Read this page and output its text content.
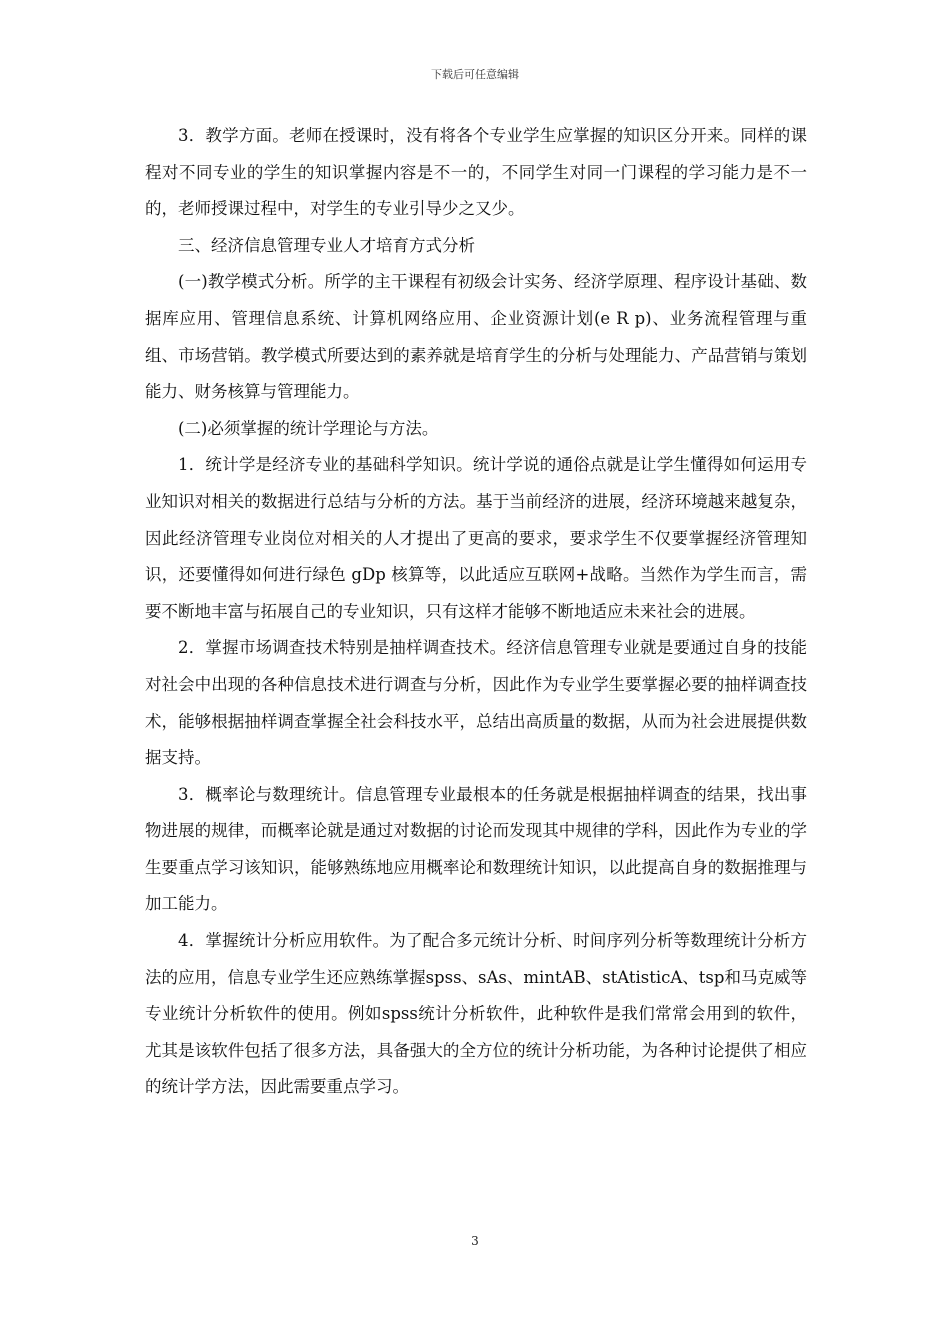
下载后可任意编辑

3．教学方面。老师在授课时，没有将各个专业学生应掌握的知识区分开来。同样的课程对不同专业的学生的知识掌握内容是不一的，不同学生对同一门课程的学习能力是不一的，老师授课过程中，对学生的专业引导少之又少。

三、经济信息管理专业人才培育方式分析

(一)教学模式分析。所学的主干课程有初级会计实务、经济学原理、程序设计基础、数据库应用、管理信息系统、计算机网络应用、企业资源计划(e R p)、业务流程管理与重组、市场营销。教学模式所要达到的素养就是培育学生的分析与处理能力、产品营销与策划能力、财务核算与管理能力。

(二)必须掌握的统计学理论与方法。

1．统计学是经济专业的基础科学知识。统计学说的通俗点就是让学生懂得如何运用专业知识对相关的数据进行总结与分析的方法。基于当前经济的进展，经济环境越来越复杂，因此经济管理专业岗位对相关的人才提出了更高的要求，要求学生不仅要掌握经济管理知识，还要懂得如何进行绿色 gDp 核算等，以此适应互联网+战略。当然作为学生而言，需要不断地丰富与拓展自己的专业知识，只有这样才能够不断地适应未来社会的进展。

2．掌握市场调查技术特别是抽样调查技术。经济信息管理专业就是要通过自身的技能对社会中出现的各种信息技术进行调查与分析，因此作为专业学生要掌握必要的抽样调查技术，能够根据抽样调查掌握全社会科技水平，总结出高质量的数据，从而为社会进展提供数据支持。

3．概率论与数理统计。信息管理专业最根本的任务就是根据抽样调查的结果，找出事物进展的规律，而概率论就是通过对数据的讨论而发现其中规律的学科，因此作为专业的学生要重点学习该知识，能够熟练地应用概率论和数理统计知识，以此提高自身的数据推理与加工能力。

4．掌握统计分析应用软件。为了配合多元统计分析、时间序列分析等数理统计分析方法的应用，信息专业学生还应熟练掌握spss、sAs、mintAB、stAtisticA、tsp和马克威等专业统计分析软件的使用。例如spss统计分析软件，此种软件是我们常常会用到的软件，尤其是该软件包括了很多方法，具备强大的全方位的统计分析功能，为各种讨论提供了相应的统计学方法，因此需要重点学习。

3
